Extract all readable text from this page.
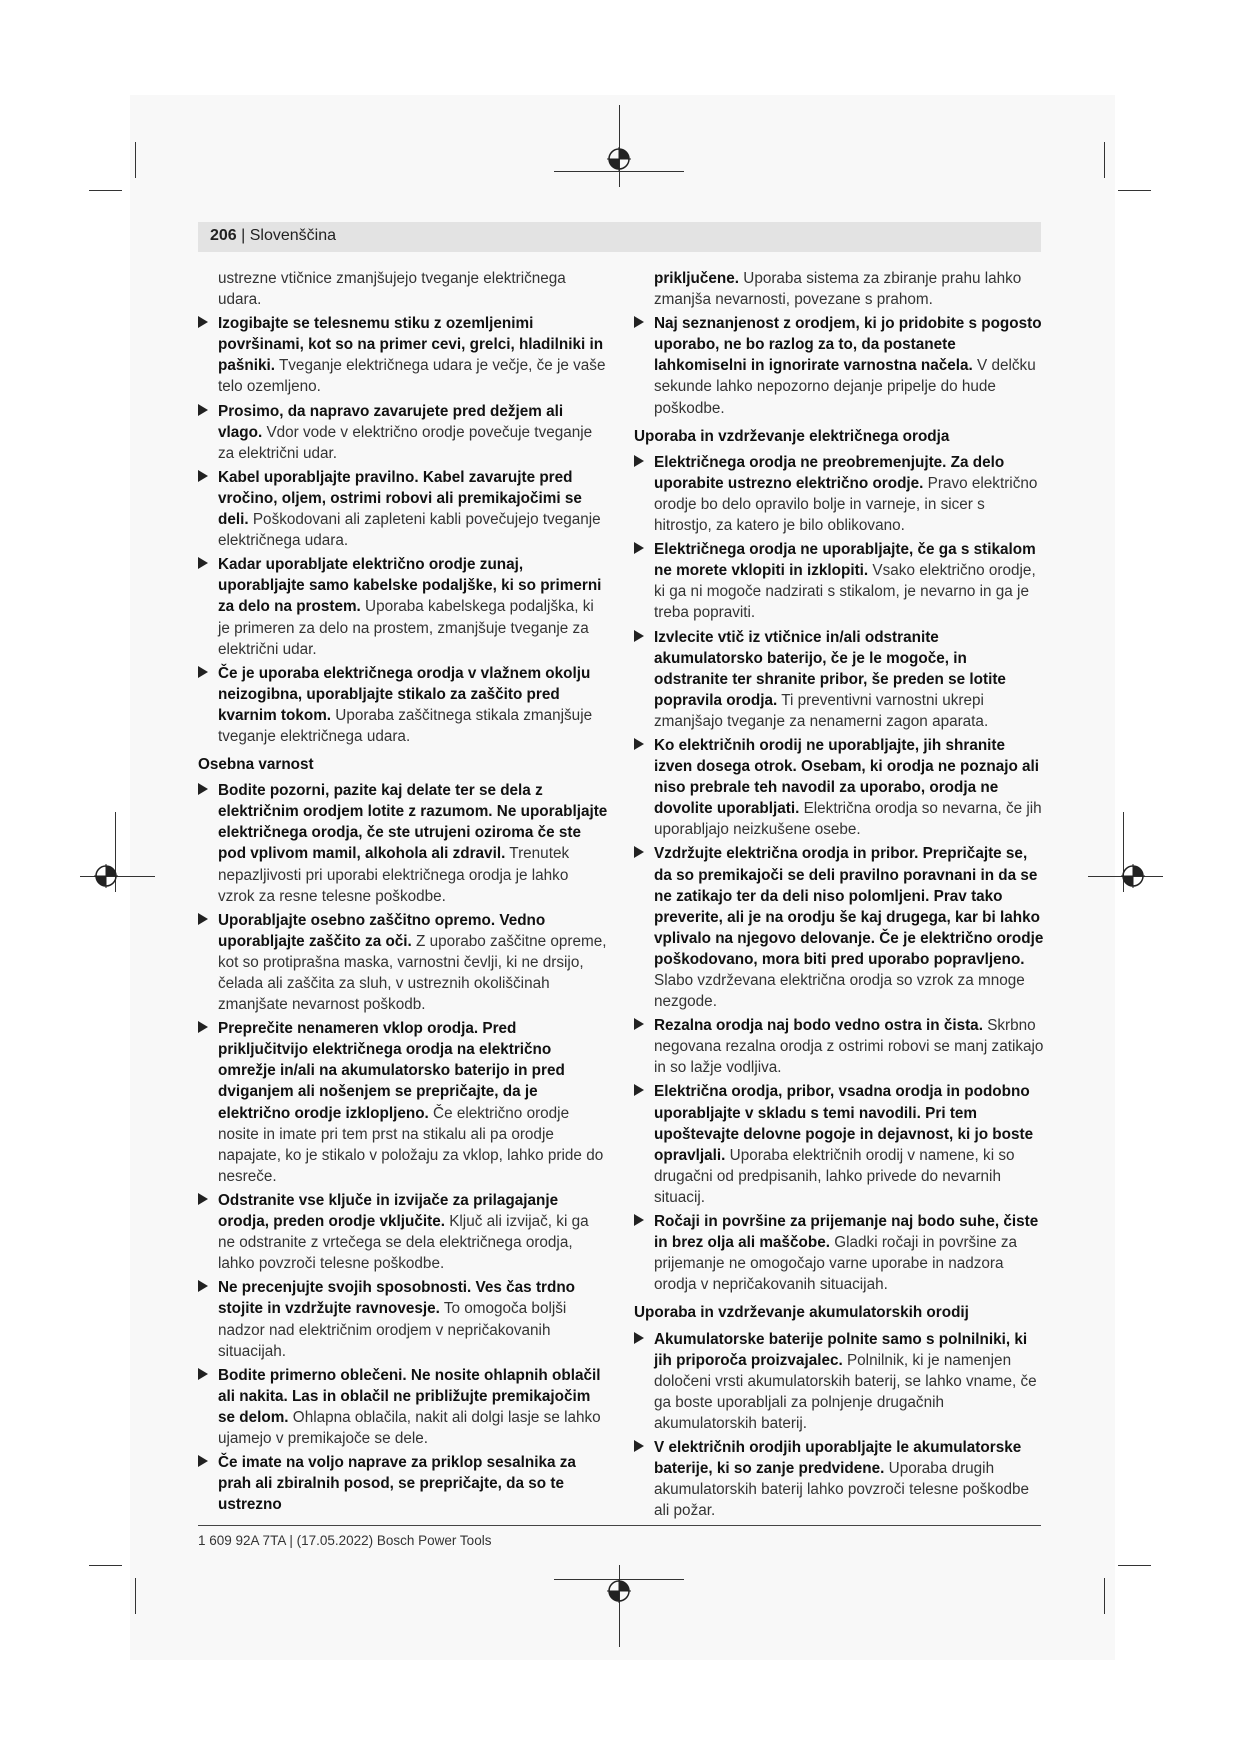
206 | Slovenščina
ustrezne vtičnice zmanjšujejo tveganje električnega udara.
Izogibajte se telesnemu stiku z ozemljenimi površinami, kot so na primer cevi, grelci, hladilniki in pašniki. Tveganje električnega udara je večje, če je vaše telo ozemljeno.
Prosimo, da napravo zavarujete pred dežjem ali vlago. Vdor vode v električno orodje povečuje tveganje za električni udar.
Kabel uporabljajte pravilno. Kabel zavarujte pred vročino, oljem, ostrimi robovi ali premikajočimi se deli. Poškodovani ali zapleteni kabli povečujejo tveganje električnega udara.
Kadar uporabljate električno orodje zunaj, uporabljajte samo kabelske podaljške, ki so primerni za delo na prostem. Uporaba kabelskega podaljška, ki je primeren za delo na prostem, zmanjšuje tveganje za električni udar.
Če je uporaba električnega orodja v vlažnem okolju neizogibna, uporabljajte stikalo za zaščito pred kvarnim tokom. Uporaba zaščitnega stikala zmanjšuje tveganje električnega udara.
Osebna varnost
Bodite pozorni, pazite kaj delate ter se dela z električnim orodjem lotite z razumom. Ne uporabljajte električnega orodja, če ste utrujeni oziroma če ste pod vplivom mamil, alkohola ali zdravil. Trenutek nepazljivosti pri uporabi električnega orodja je lahko vzrok za resne telesne poškodbe.
Uporabljajte osebno zaščitno opremo. Vedno uporabljajte zaščito za oči. Z uporabo zaščitne opreme, kot so protiprašna maska, varnostni čevlji, ki ne drsijo, čelada ali zaščita za sluh, v ustreznih okoliščinah zmanjšate nevarnost poškodb.
Preprečite nenameren vklop orodja. Pred priključitvijo električnega orodja na električno omrežje in/ali na akumulatorsko baterijo in pred dviganjem ali nošenjem se prepričajte, da je električno orodje izklopljeno. Če električno orodje nosite in imate pri tem prst na stikalu ali pa orodje napajate, ko je stikalo v položaju za vklop, lahko pride do nesreče.
Odstranite vse ključe in izvijače za prilagajanje orodja, preden orodje vključite. Ključ ali izvijač, ki ga ne odstranite z vrtečega se dela električnega orodja, lahko povzroči telesne poškodbe.
Ne precenjujte svojih sposobnosti. Ves čas trdno stojite in vzdržujte ravnovesje. To omogoča boljši nadzor nad električnim orodjem v nepričakovanih situacijah.
Bodite primerno oblečeni. Ne nosite ohlapnih oblačil ali nakita. Las in oblačil ne približujte premikajočim se delom. Ohlapna oblačila, nakit ali dolgi lasje se lahko ujamejo v premikajoče se dele.
Če imate na voljo naprave za priklop sesalnika za prah ali zbiralnih posod, se prepričajte, da so te ustrezno
priključene. Uporaba sistema za zbiranje prahu lahko zmanjša nevarnosti, povezane s prahom.
Naj seznanjenost z orodjem, ki jo pridobite s pogosto uporabo, ne bo razlog za to, da postanete lahkomiselni in ignorirate varnostna načela. V delčku sekunde lahko nepozorno dejanje pripelje do hude poškodbe.
Uporaba in vzdrževanje električnega orodja
Električnega orodja ne preobremenjujte. Za delo uporabite ustrezno električno orodje. Pravo električno orodje bo delo opravilo bolje in varneje, in sicer s hitrostjo, za katero je bilo oblikovano.
Električnega orodja ne uporabljajte, če ga s stikalom ne morete vklopiti in izklopiti. Vsako električno orodje, ki ga ni mogoče nadzirati s stikalom, je nevarno in ga je treba popraviti.
Izvlecite vtič iz vtičnice in/ali odstranite akumulatorsko baterijo, če je le mogoče, in odstranite ter shranite pribor, še preden se lotite popravila orodja. Ti preventivni varnostni ukrepi zmanjšajo tveganje za nenamerni zagon aparata.
Ko električnih orodij ne uporabljajte, jih shranite izven dosega otrok. Osebam, ki orodja ne poznajo ali niso prebrale teh navodil za uporabo, orodja ne dovolite uporabljati. Električna orodja so nevarna, če jih uporabljajo neizkušene osebe.
Vzdržujte električna orodja in pribor. Prepričajte se, da so premikajoči se deli pravilno poravnani in da se ne zatikajo ter da deli niso polomljeni. Prav tako preverite, ali je na orodju še kaj drugega, kar bi lahko vplivalo na njegovo delovanje. Če je električno orodje poškodovano, mora biti pred uporabo popravljeno. Slabo vzdrževana električna orodja so vzrok za mnoge nezgode.
Rezalna orodja naj bodo vedno ostra in čista. Skrbno negovana rezalna orodja z ostrimi robovi se manj zatikajo in so lažje vodljiva.
Električna orodja, pribor, vsadna orodja in podobno uporabljajte v skladu s temi navodili. Pri tem upoštevajte delovne pogoje in dejavnost, ki jo boste opravljali. Uporaba električnih orodij v namene, ki so drugačni od predpisanih, lahko privede do nevarnih situacij.
Ročaji in površine za prijemanje naj bodo suhe, čiste in brez olja ali maščobe. Gladki ročaji in površine za prijemanje ne omogočajo varne uporabe in nadzora orodja v nepričakovanih situacijah.
Uporaba in vzdrževanje akumulatorskih orodij
Akumulatorske baterije polnite samo s polnilniki, ki jih priporoča proizvajalec. Polnilnik, ki je namenjen določeni vrsti akumulatorskih baterij, se lahko vname, če ga boste uporabljali za polnjenje drugačnih akumulatorskih baterij.
V električnih orodjih uporabljajte le akumulatorske baterije, ki so zanje predvidene. Uporaba drugih akumulatorskih baterij lahko povzroči telesne poškodbe ali požar.
1 609 92A 7TA | (17.05.2022) Bosch Power Tools
